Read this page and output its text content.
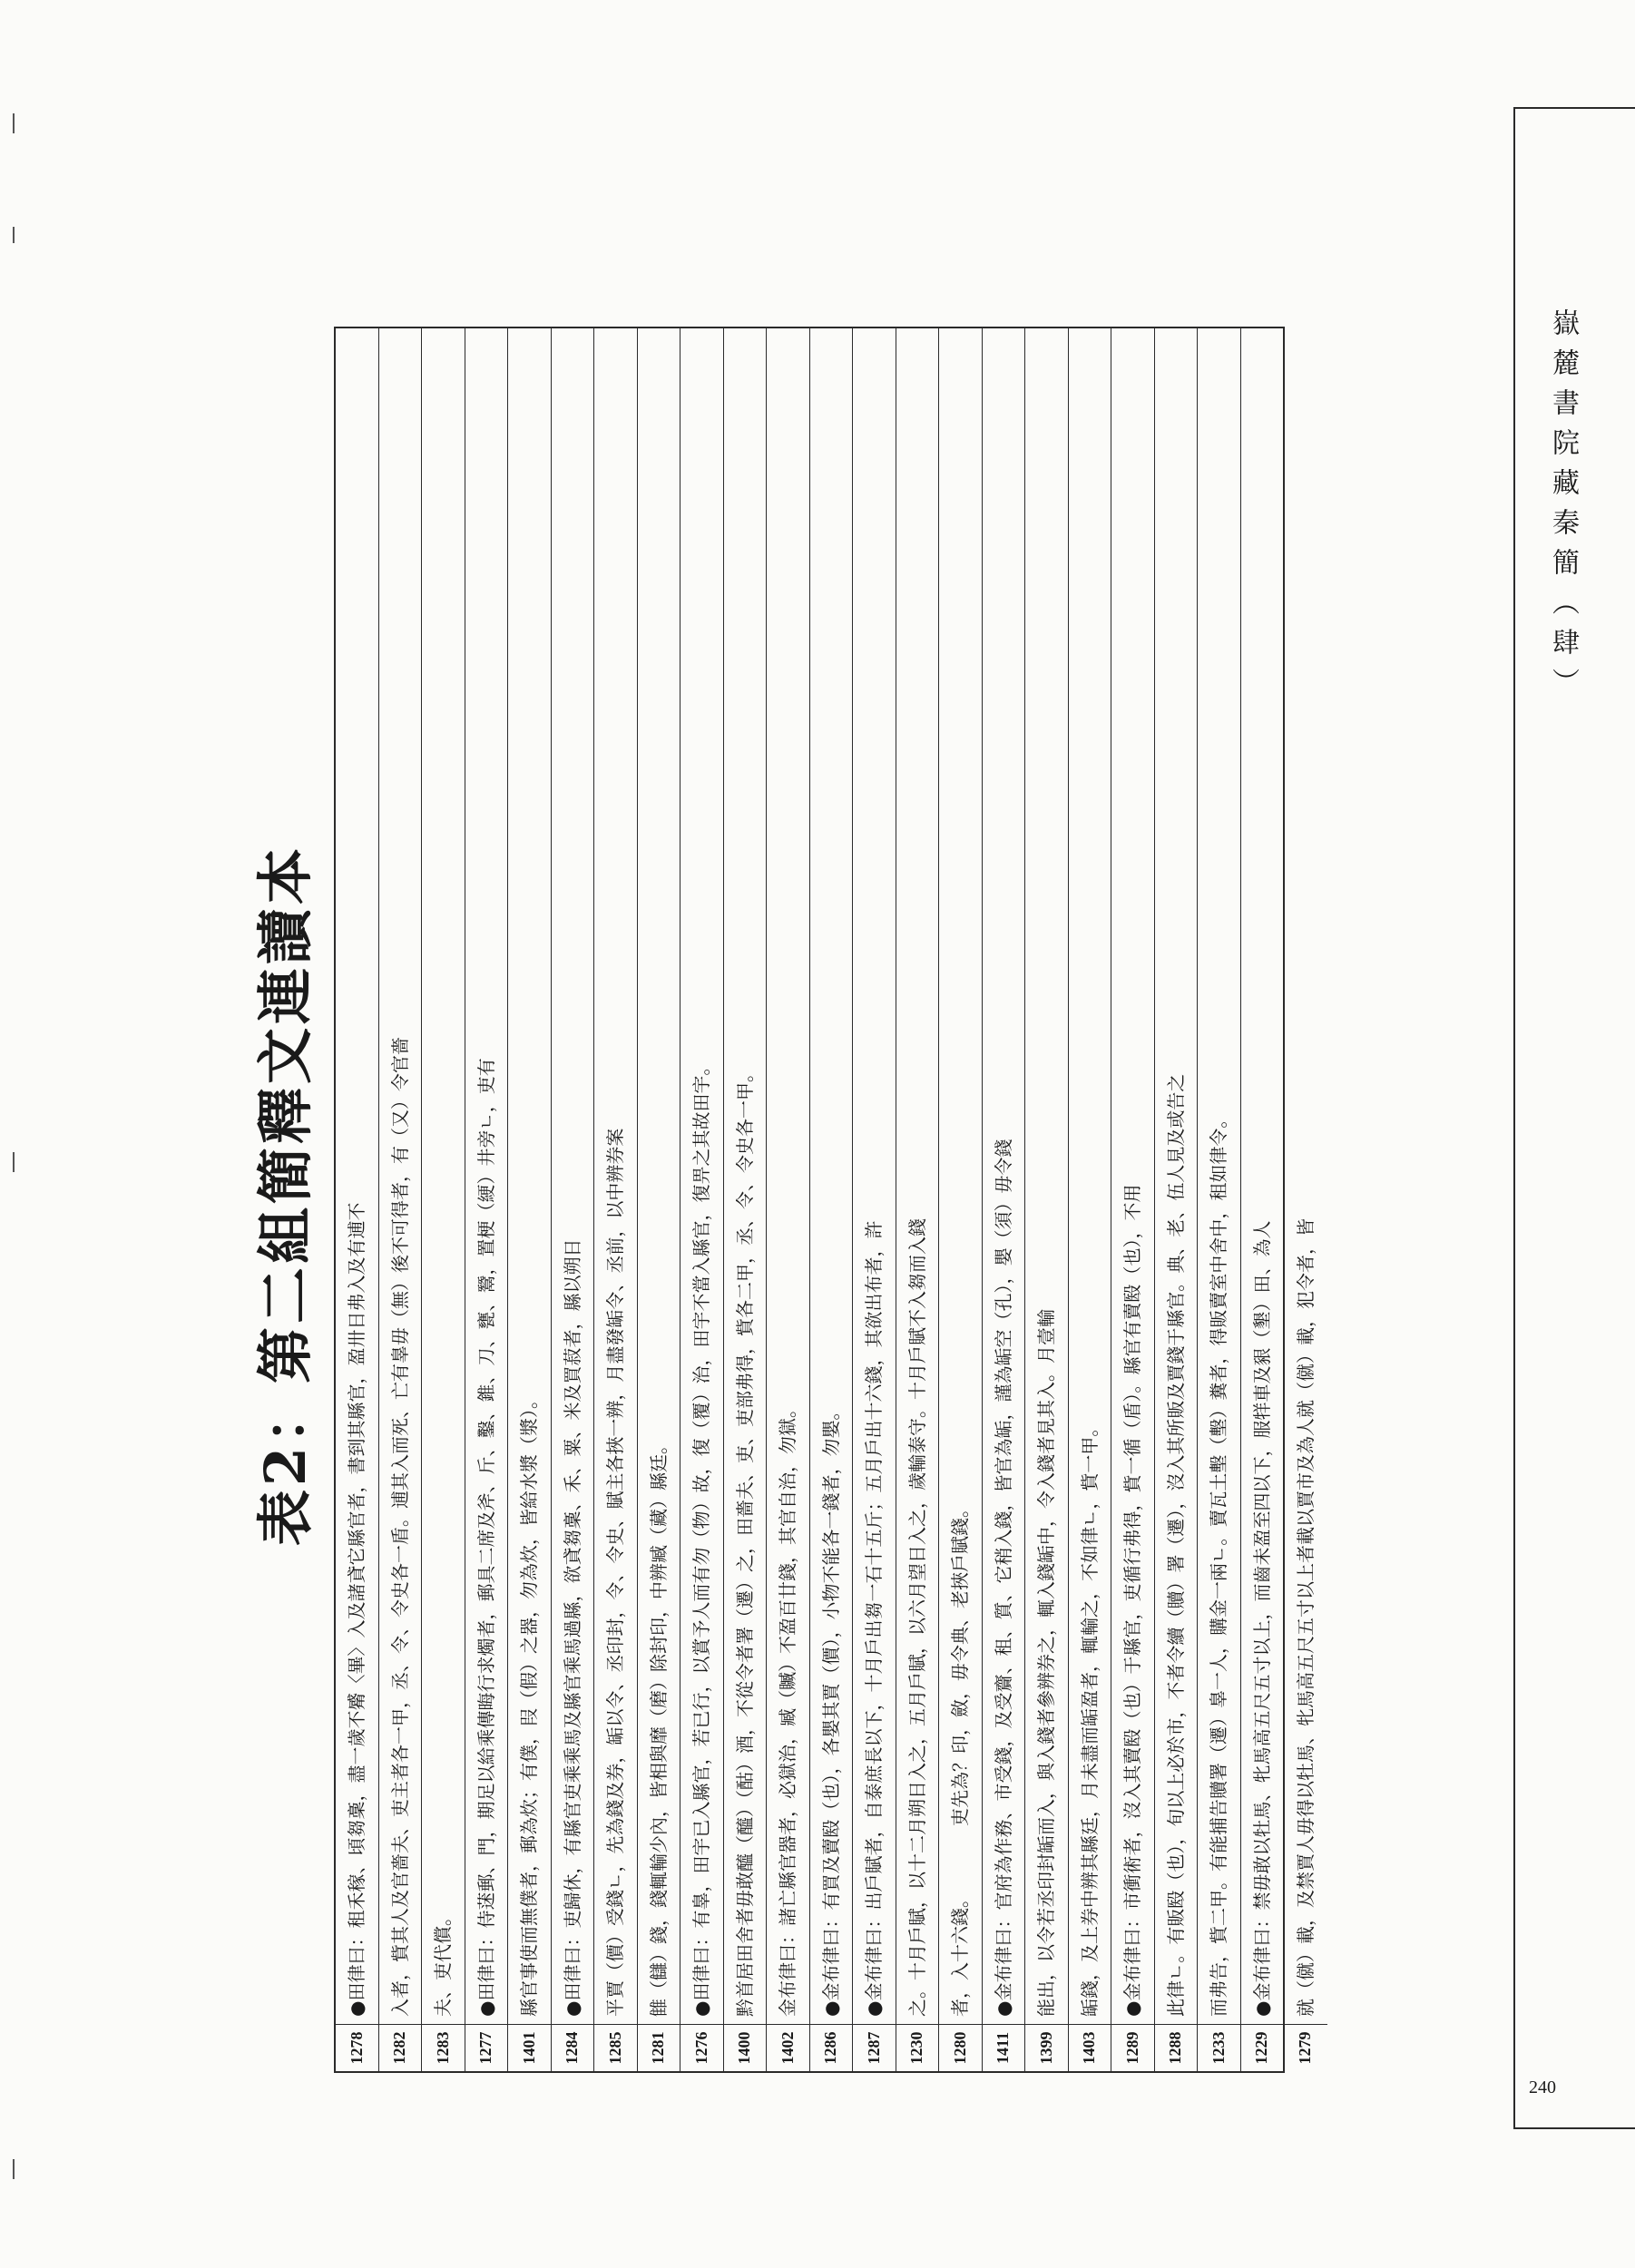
嶽麓書院藏秦簡（肆）
240
表2：第二組簡釋文連讀本
1278
●田律曰：租禾稼、頃芻稾，盡一歲不觱〈畢〉入及諸貣它縣官者，書到其縣官，盈卅日弗入及有逋不
1282
入者，貲其人及官嗇夫、吏主者各一甲，丞、令、令史各一盾。逋其入而死、亡有辠毋（無）後不可得者，有（又）令官嗇
1283
夫、吏代償。
1277
●田律曰：侍蒁郵、門，期足以給乘傳晦行求燭者，郵具二席及斧、斤、鑿、錐、刀、甕、鬵，置梗（綆）井旁ㄴ，吏有
1401
縣官事使而無僕者，郵為炊；有僕，叚（假）之器，勿為炊，皆給水漿（漿）。
1284
●田律曰：吏歸休，有縣官吏乘乘馬及縣官乘馬過縣，欲貣芻稾、禾、粟、米及買菽者，縣以朔日
1285
平賈（價）受錢ㄴ，先為錢及券，缿以令、丞印封，令、令史、賦主各挾一辨，月盡發缿令、丞前，以中辨券案
1281
雔（讎）錢，錢輒輸少內，皆相與靡（磨）除封印，中辨臧（藏）縣廷。
1276
●田律曰：有辠，田宇已入縣官，若已行，以賞予人而有勿（物）故，復（覆）治，田宇不當入縣官，復畀之其故田宇。
1400
黔首居田舍者毋敢醯（醯）（酤）酒，不從令者署（遷）之，田嗇夫、吏、吏部弗得，貲各二甲，丞、令、令史各一甲。
1402
金布律曰：諸亡縣官器者，必獄治，臧（贓）不盈百廿錢，其官自治，勿獄。
1286
●金布律曰：有買及賣殹（也），各嬰其賈（價），小物不能各一錢者，勿嬰。
1287
●金布律曰：出戶賦者，自泰庶長以下，十月戶出芻一石十五斤；五月戶出十六錢，其欲出布者，許
1230
之。十月戶賦，以十二月朔日入之，五月戶賦，以六月望日入之，歲輸泰守。十月戶賦不入芻而入錢
1280
者，入十六錢。　　　　吏先為？印，斂，毋令典、老挾戶賦錢。
1411
●金布律曰：官府為作務、市受錢，及受齎、租、質、它稍入錢，皆官為缿，謹為缿空（孔），嬰（須）毋令錢
1399
能出，以令若丞印封缿而入，與入錢者參辨券之，輒入錢缿中，令入錢者見其入。月壹輸
1403
缿錢，及上券中辨其縣廷，月未盡而缿盈者，輒輸之，不如律ㄴ，貲一甲。
1289
●金布律曰：市衝術者，沒入其賣殹（也）于縣官，吏循行弗得，貲一循（盾）。縣官有賣殹（也），不用
1288
此律ㄴ。有販殹（也），旬以上必於市，不者令續（贖）署（遷），沒入其所販及賈錢于縣官。典、老、伍人見及或告之
1233
而弗告，貲二甲。有能捕告贖署（遷）辠一人，購金一兩ㄴ。賣瓦土墼（墼）糞者，得販賣室中舍中，租如律令。
1229
●金布律曰：禁毋敢以牡馬、牝馬高五尺五寸以上，而齒未盈至四以下，服䍧車及豤（墾）田、為人
1279
就（僦）載，及禁賈人毋得以牡馬、牝馬高五尺五寸以上者載以賈市及為人就（僦）載，犯令者，皆
